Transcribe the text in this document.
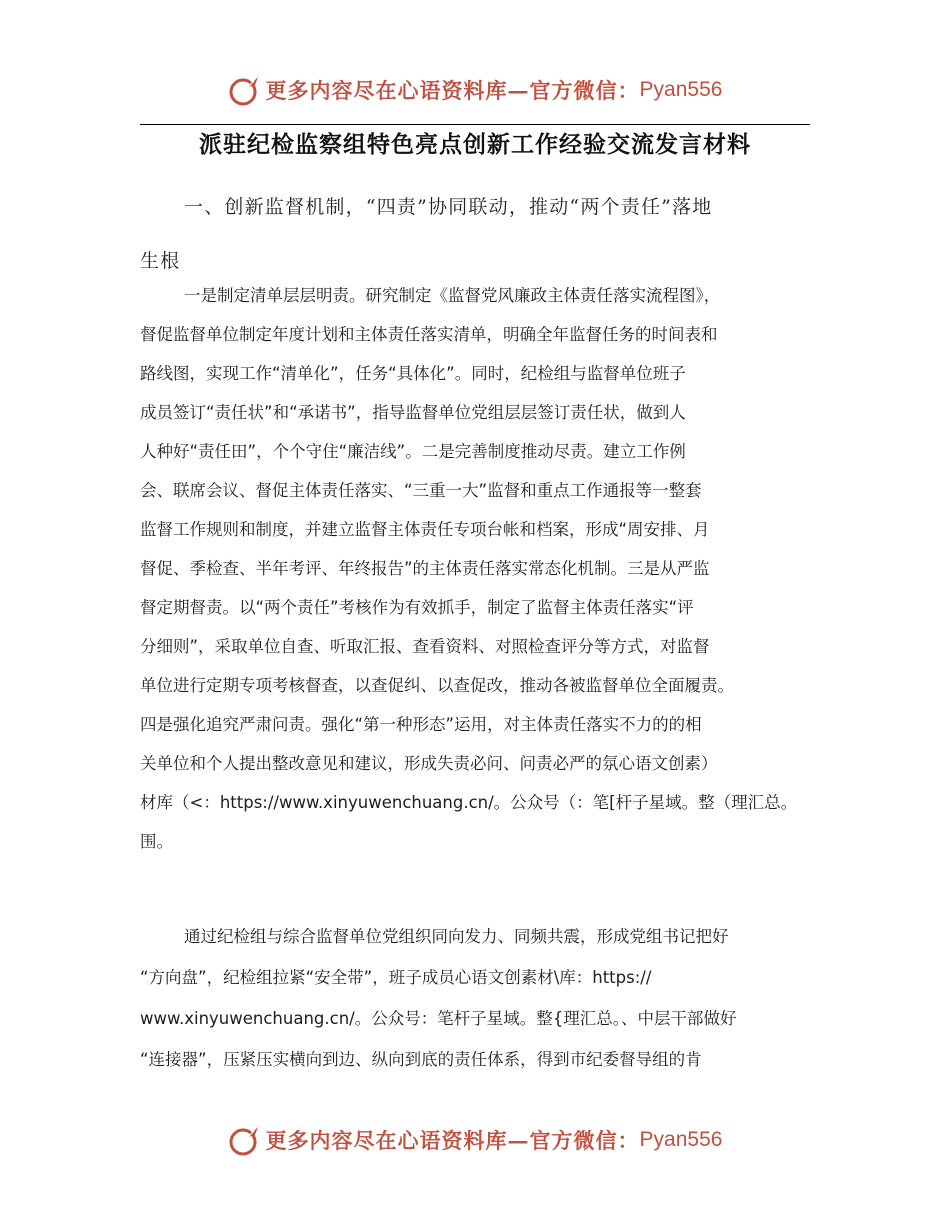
更多内容尽在心语资料库—官方微信： Pyan556
派驻纪检监察组特色亮点创新工作经验交流发言材料
一、创新监督机制，“四责”协同联动，推动“两个责任”落地
生根
一是制定清单层层明责。研究制定《监督党风廉政主体责任落实流程图》，
督促监督单位制定年度计划和主体责任落实清单，明确全年监督任务的时间表和
路线图，实现工作“清单化”，任务“具体化”。同时，纪检组与监督单位班子
成员签订“责任状”和“承诺书”，指导监督单位党组层层签订责任状，做到人
人种好“责任田”，个个守住“廉洁线”。二是完善制度推动尽责。建立工作例
会、联席会议、督促主体责任落实、“三重一大”监督和重点工作通报等一整套
监督工作规则和制度，并建立监督主体责任专项台帐和档案，形成“周安排、月
督促、季检查、半年考评、年终报告”的主体责任落实常态化机制。三是从严监
督定期督责。以“两个责任”考核作为有效抓手，制定了监督主体责任落实“评
分细则”，采取单位自查、听取汇报、查看资料、对照检查评分等方式，对监督
单位进行定期专项考核督查，以查促纠、以查促改，推动各被监督单位全面履责。
四是强化追究严肃问责。强化“第一种形态”运用，对主体责任落实不力的的相
关单位和个人提出整改意见和建议，形成失责必问、问责必严的氛心语文创素）
材库（<：https://www.xinyuwenchuang.cn/。公众号（：笔[杆子星域。整（理汇总。
围。
通过纪检组与综合监督单位党组织同向发力、同频共震，形成党组书记把好
“方向盘”，纪检组拉紧“安全带”，班子成员心语文创素材\库：https://
www.xinyuwenchuang.cn/。公众号：笔杆子星域。整{理汇总。、中层干部做好
“连接器”，压紧压实横向到边、纵向到底的责任体系，得到市纪委督导组的肯
更多内容尽在心语资料库—官方微信： Pyan556
